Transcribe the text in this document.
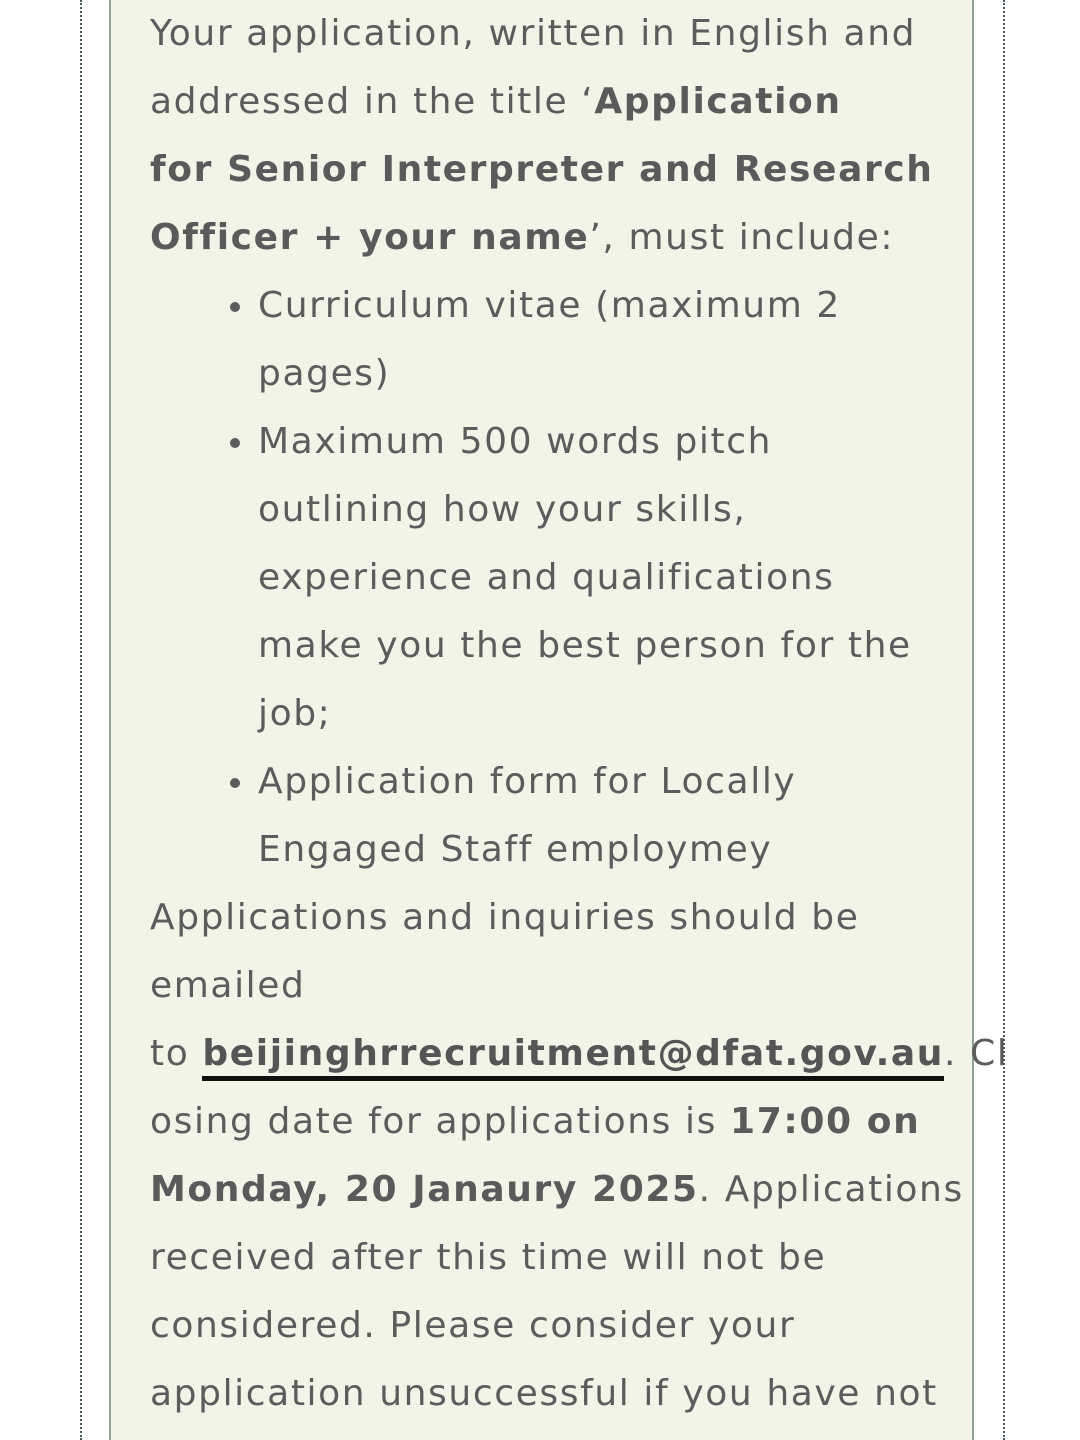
Your application, written in English and
addressed in the title ‘Application
for Senior Interpreter and Research
Officer + your name’, must include:
Curriculum vitae (maximum 2
pages)
Maximum 500 words pitch
outlining how your skills,
experience and qualifications
make you the best person for the
job;
Application form for Locally
Engaged Staff employmey
Applications and inquiries should be
emailed
to beijinghrrecruitment@dfat.gov.au. Cl
osing date for applications is 17:00 on
Monday, 20 Janaury 2025. Applications
received after this time will not be
considered. Please consider your
application unsuccessful if you have not
